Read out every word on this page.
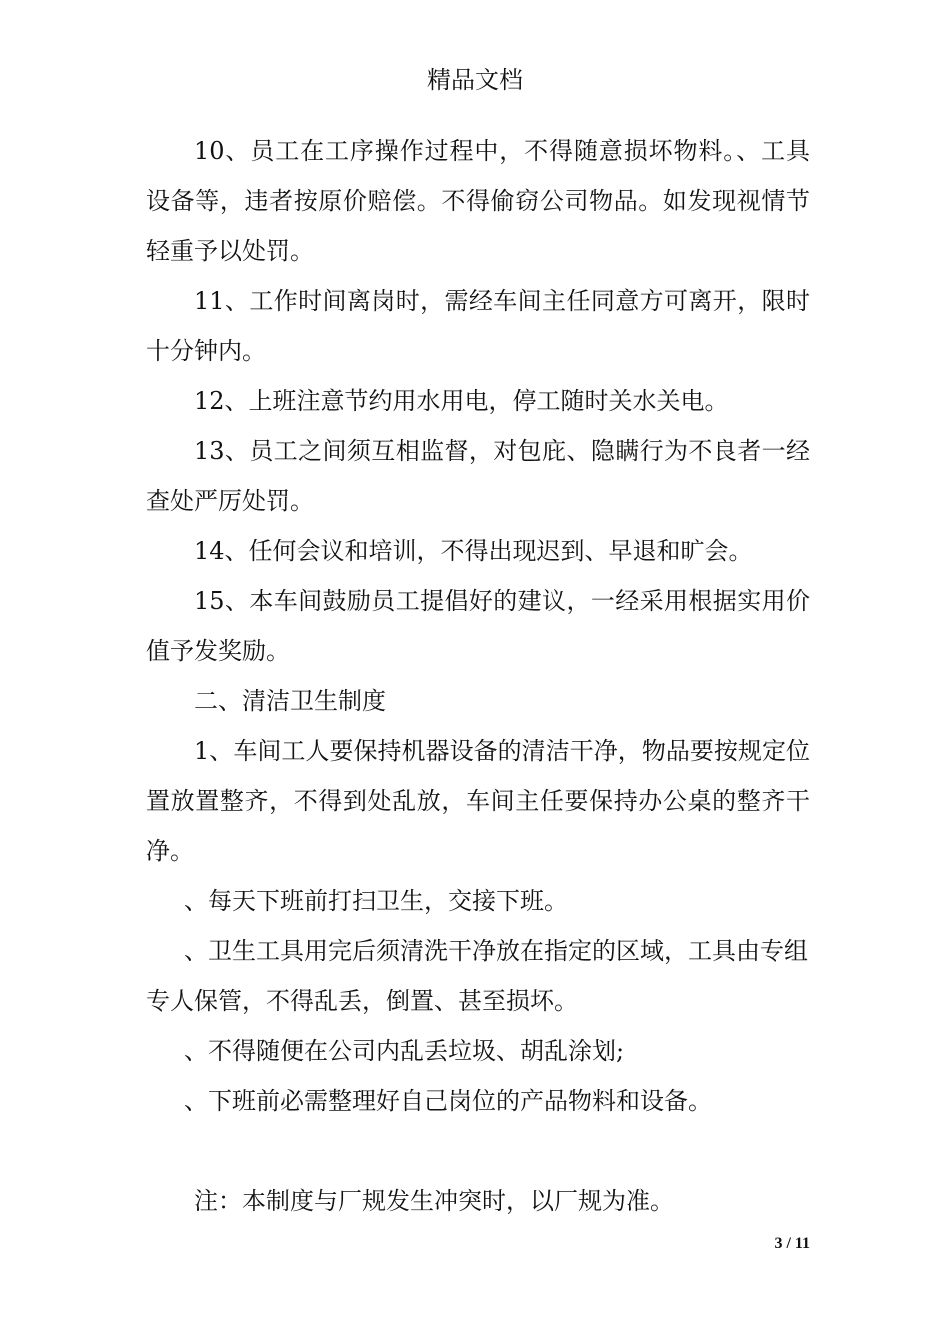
精品文档

10、员工在工序操作过程中，不得随意损坏物料。、工具设备等，违者按原价赔偿。不得偷窃公司物品。如发现视情节轻重予以处罚。

11、工作时间离岗时，需经车间主任同意方可离开，限时十分钟内。

12、上班注意节约用水用电，停工随时关水关电。

13、员工之间须互相监督，对包庇、隐瞒行为不良者一经查处严厉处罚。

14、任何会议和培训，不得出现迟到、早退和旷会。

15、本车间鼓励员工提倡好的建议，一经采用根据实用价值予发奖励。

二、清洁卫生制度

1、车间工人要保持机器设备的清洁干净，物品要按规定位置放置整齐，不得到处乱放，车间主任要保持办公桌的整齐干净。

、每天下班前打扫卫生，交接下班。

、卫生工具用完后须清洗干净放在指定的区域，工具由专组专人保管，不得乱丢，倒置、甚至损坏。

、不得随便在公司内乱丢垃圾、胡乱涂划;

、下班前必需整理好自己岗位的产品物料和设备。

注：本制度与厂规发生冲突时，以厂规为准。

3 / 11
